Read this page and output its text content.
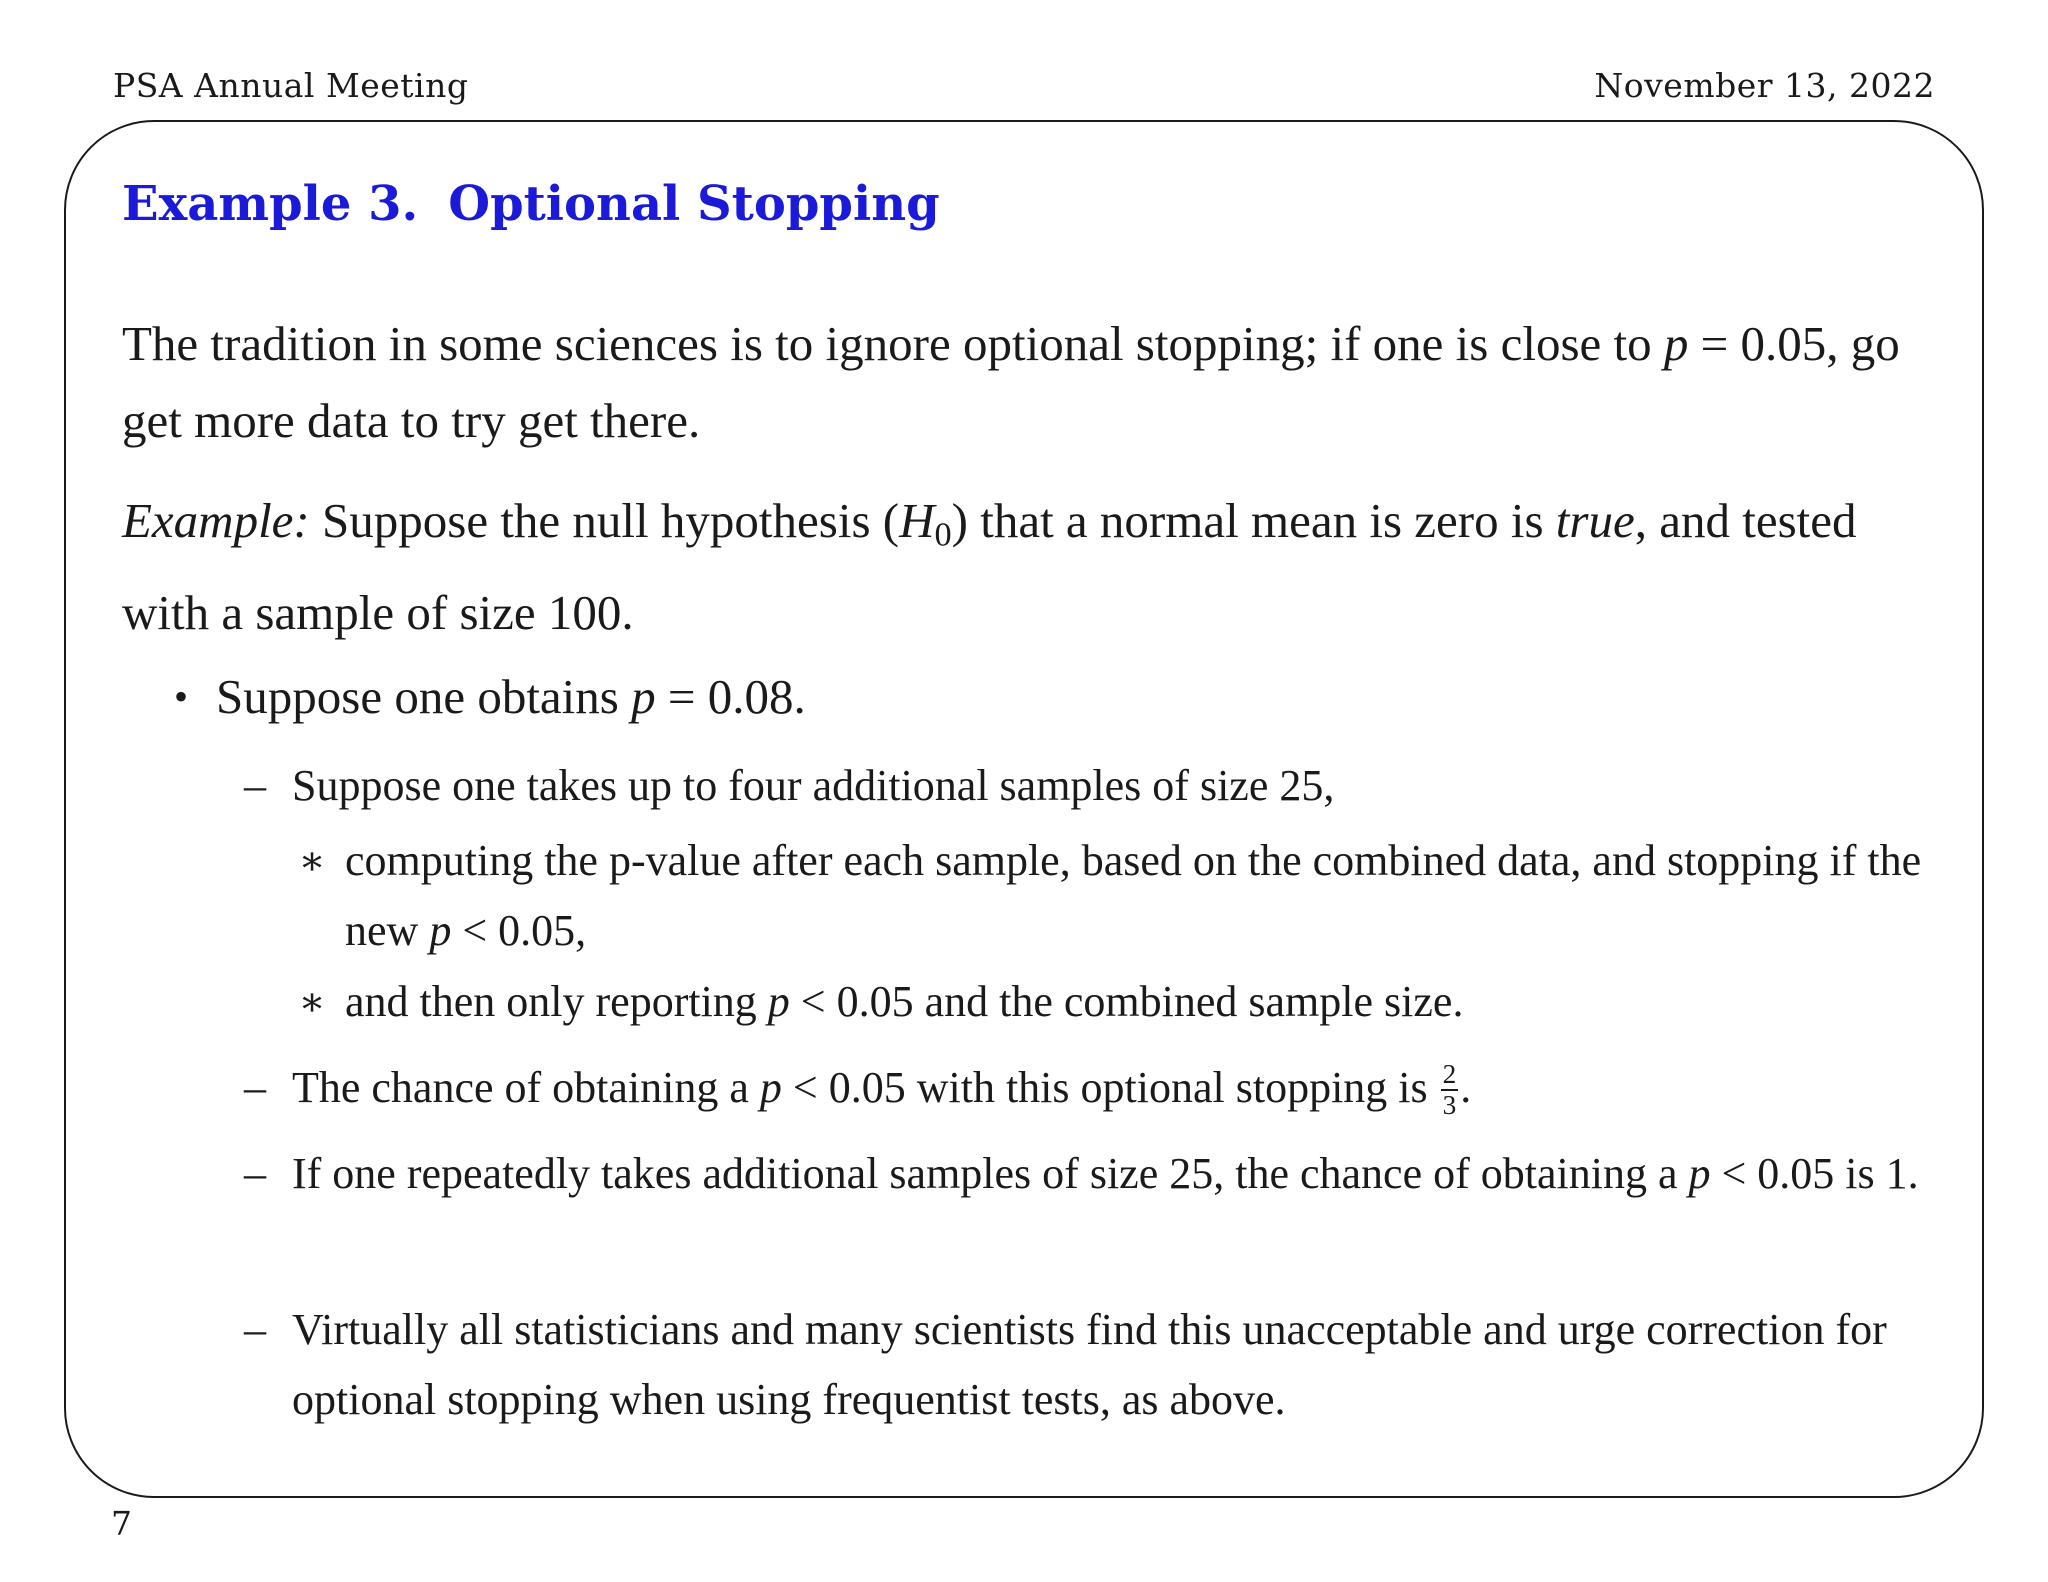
PSA Annual Meeting	November 13, 2022
Example 3. Optional Stopping

The tradition in some sciences is to ignore optional stopping; if one is close to p = 0.05, go get more data to try get there.

Example: Suppose the null hypothesis $(H_0)$ that a normal mean is zero is true, and tested with a sample of size 100.

• Suppose one obtains p = 0.08.

– Suppose one takes up to four additional samples of size 25,

∗ computing the p-value after each sample, based on the combined data, and stopping if the new p < 0.05,

∗ and then only reporting p < 0.05 and the combined sample size.

– The chance of obtaining a p < 0.05 with this optional stopping is $\frac{2}{3}$ .

– If one repeatedly takes additional samples of size 25, the chance of obtaining a p < 0.05 is 1.

– Virtually all statisticians and many scientists find this unacceptable and urge correction for optional stopping when using frequentist tests, as above.

7
